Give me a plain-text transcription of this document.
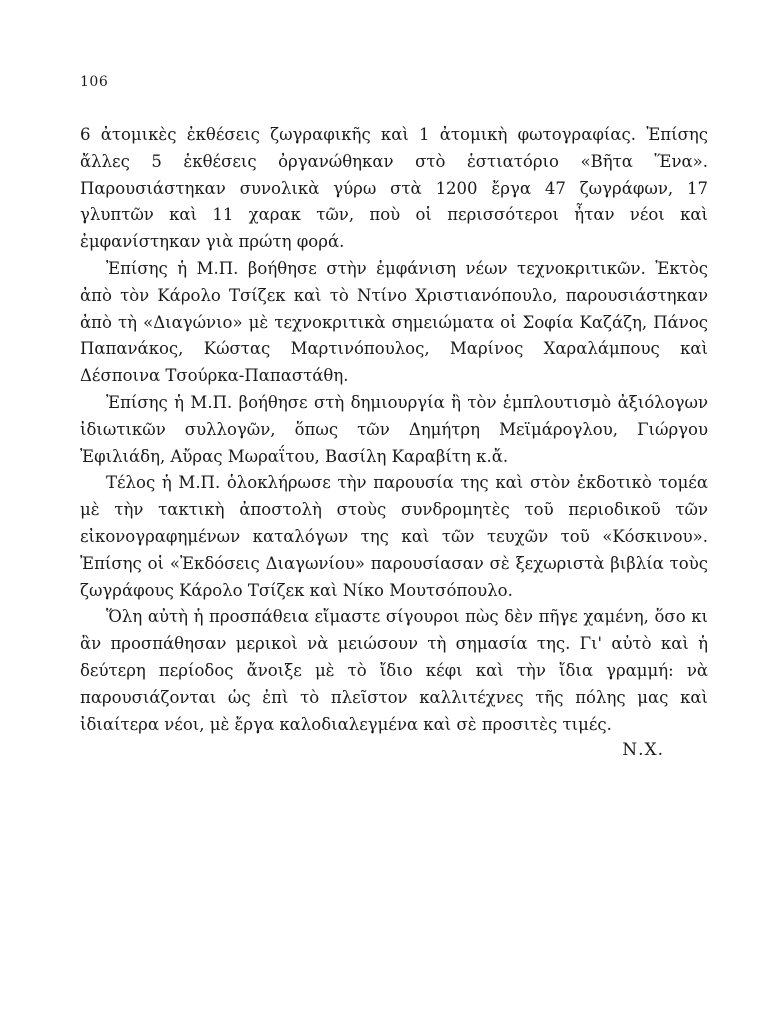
106

6 ἀτομικὲς ἐκθέσεις ζωγραφικῆς καὶ 1 ἀτομικὴ φωτογραφίας. Ἐπίσης ἄλλες 5 ἐκθέσεις ὀργανώθηκαν στὸ ἑστιατόριο «Βῆτα Ἕνα». Παρουσιάστηκαν συνολικὰ γύρω στὰ 1200 ἔργα 47 ζωγράφων, 17 γλυπτῶν καὶ 11 χαρακ τῶν, ποὺ οἱ περισσότεροι ἦταν νέοι καὶ ἐμφανίστηκαν γιὰ πρώτη φορά.

Ἐπίσης ἡ Μ.Π. βοήθησε στὴν ἐμφάνιση νέων τεχνοκριτικῶν. Ἐκτὸς ἀπὸ τὸν Κάρολο Τσίζεκ καὶ τὸ Ντίνο Χριστιανόπουλο, παρουσιάστηκαν ἀπὸ τὴ «Διαγώνιο» μὲ τεχνοκριτικὰ σημειώματα οἱ Σοφία Καζάζη, Πάνος Παπανάκος, Κώστας Μαρτινόπουλος, Μαρίνος Χαραλάμπους καὶ Δέσποινα Τσούρκα-Παπαστάθη.

Ἐπίσης ἡ Μ.Π. βοήθησε στὴ δημιουργία ἢ τὸν ἐμπλουτισμὸ ἀξιόλογων ἰδιωτικῶν συλλογῶν, ὅπως τῶν Δημήτρη Μεϊμάρογλου, Γιώργου Ἐφιλιάδη, Αὔρας Μωραΐτου, Βασίλη Καραβίτη κ.ἄ.

Τέλος ἡ Μ.Π. ὁλοκλήρωσε τὴν παρουσία της καὶ στὸν ἐκδοτικὸ τομέα μὲ τὴν τακτικὴ ἀποστολὴ στοὺς συνδρομητὲς τοῦ περιοδικοῦ τῶν εἰκονογραφημένων καταλόγων της καὶ τῶν τευχῶν τοῦ «Κόσκινου». Ἐπίσης οἱ «Ἐκδόσεις Διαγωνίου» παρουσίασαν σὲ ξεχωριστὰ βιβλία τοὺς ζωγράφους Κάρολο Τσίζεκ καὶ Νίκο Μουτσόπουλο.

Ὅλη αὐτὴ ἡ προσπάθεια εἴμαστε σίγουροι πὼς δὲν πῆγε χαμένη, ὅσο κι ἂν προσπάθησαν μερικοὶ νὰ μειώσουν τὴ σημασία της. Γι' αὐτὸ καὶ ἡ δεύτερη περίοδος ἄνοιξε μὲ τὸ ἴδιο κέφι καὶ τὴν ἴδια γραμμή: νὰ παρουσιάζονται ὡς ἐπὶ τὸ πλεῖστον καλλιτέχνες τῆς πόλης μας καὶ ἰδιαίτερα νέοι, μὲ ἔργα καλοδιαλεγμένα καὶ σὲ προσιτὲς τιμές.

Ν.Χ.
